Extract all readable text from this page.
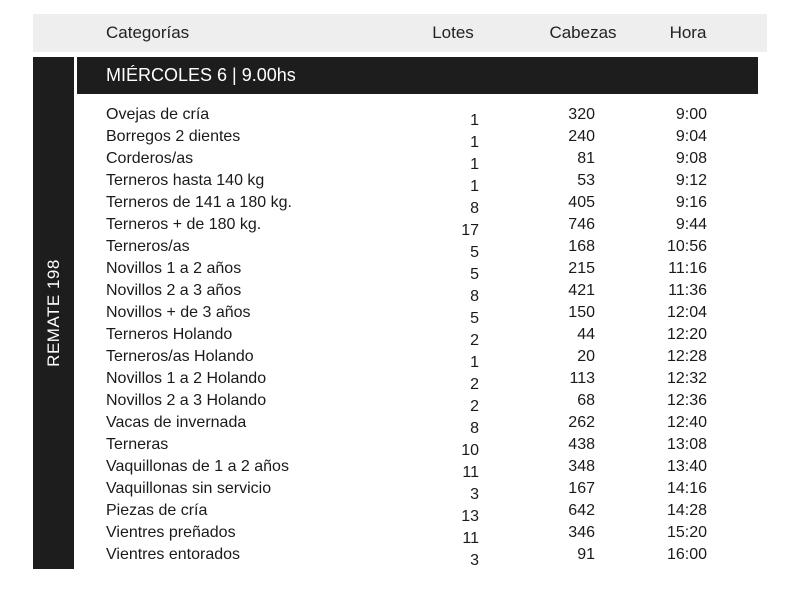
Categorías	Lotes	Cabezas	Hora
REMATE 198
MIÉRCOLES 6 | 9.00hs
Ovejas de cría	1	320	9:00
Borregos 2 dientes	1	240	9:04
Corderos/as	1	81	9:08
Terneros hasta 140 kg	1	53	9:12
Terneros de 141 a 180 kg.	8	405	9:16
Terneros + de 180 kg.	17	746	9:44
Terneros/as	5	168	10:56
Novillos 1 a 2 años	5	215	11:16
Novillos 2 a 3 años	8	421	11:36
Novillos + de 3 años	5	150	12:04
Terneros Holando	2	44	12:20
Terneros/as Holando	1	20	12:28
Novillos 1 a 2 Holando	2	113	12:32
Novillos 2 a 3 Holando	2	68	12:36
Vacas de invernada	8	262	12:40
Terneras	10	438	13:08
Vaquillonas de 1 a 2 años	11	348	13:40
Vaquillonas sin servicio	3	167	14:16
Piezas de cría	13	642	14:28
Vientres preñados	11	346	15:20
Vientres entorados	3	91	16:00
